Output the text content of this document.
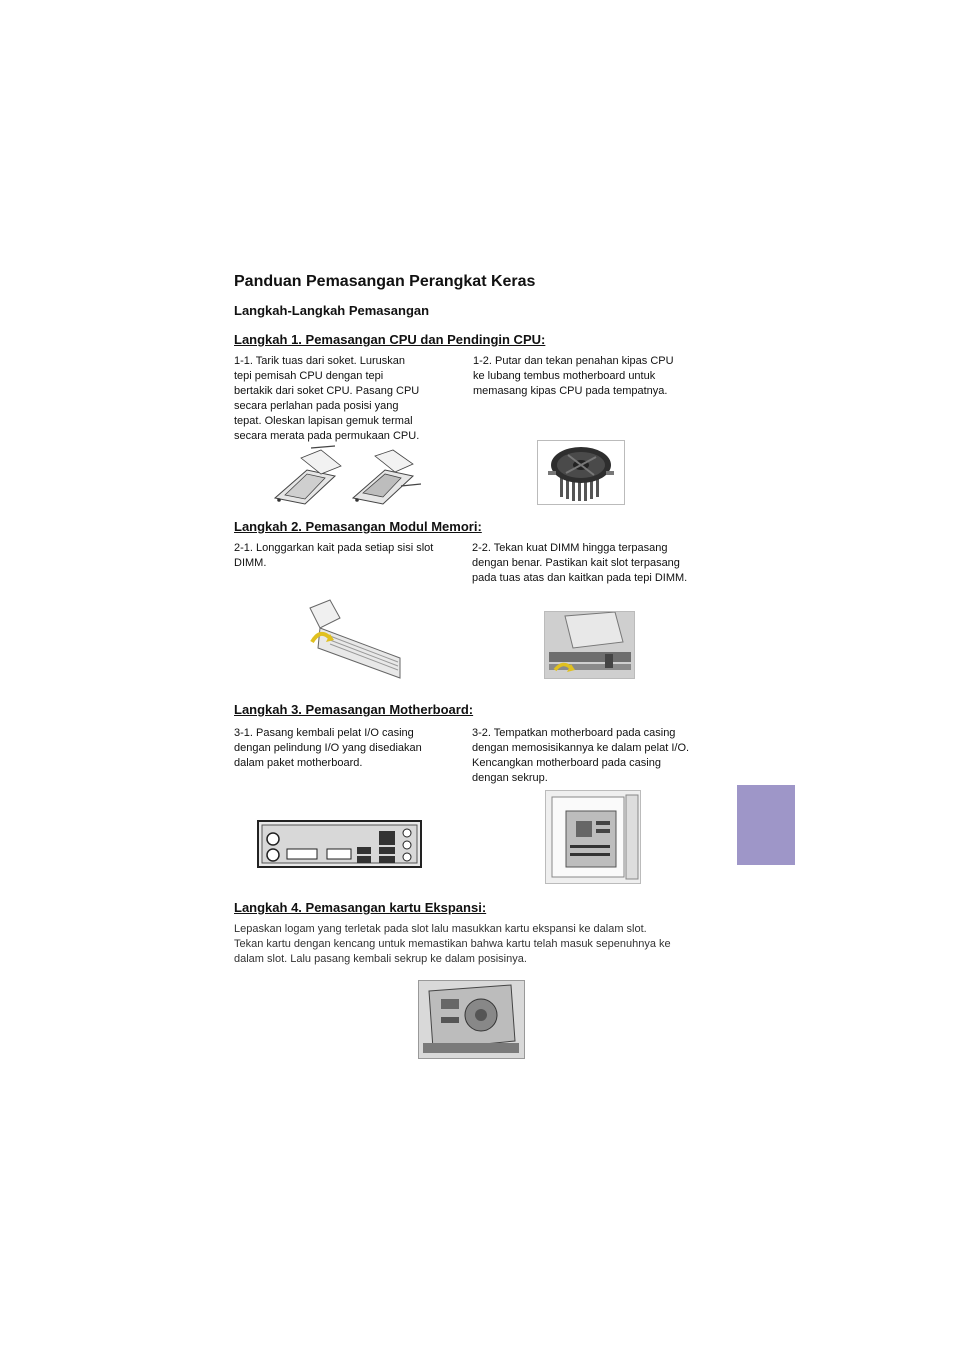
Panduan Pemasangan Perangkat Keras
Langkah-Langkah Pemasangan
Langkah 1. Pemasangan CPU dan Pendingin CPU:
1-1. Tarik tuas dari soket. Luruskan
tepi pemisah CPU dengan tepi
bertakik dari soket CPU. Pasang CPU
secara perlahan pada posisi yang
tepat. Oleskan lapisan gemuk termal
secara merata pada permukaan CPU.
1-2. Putar dan tekan penahan kipas CPU
ke lubang tembus motherboard untuk
memasang kipas CPU pada tempatnya.
Langkah 2. Pemasangan Modul Memori:
2-1. Longgarkan kait pada setiap sisi slot
DIMM.
2-2. Tekan kuat DIMM hingga terpasang
dengan benar. Pastikan kait slot terpasang
pada tuas atas dan kaitkan pada tepi DIMM.
Langkah 3. Pemasangan Motherboard:
3-1. Pasang kembali pelat I/O casing
dengan pelindung I/O yang disediakan
dalam paket motherboard.
3-2. Tempatkan motherboard pada casing
dengan memosisikannya ke dalam pelat I/O.
Kencangkan motherboard pada casing
dengan sekrup.
Langkah 4. Pemasangan kartu Ekspansi:
Lepaskan logam yang terletak pada slot lalu masukkan kartu ekspansi ke dalam slot.
Tekan kartu dengan kencang untuk memastikan bahwa kartu telah masuk sepenuhnya ke
dalam slot. Lalu pasang kembali sekrup ke dalam posisinya.
